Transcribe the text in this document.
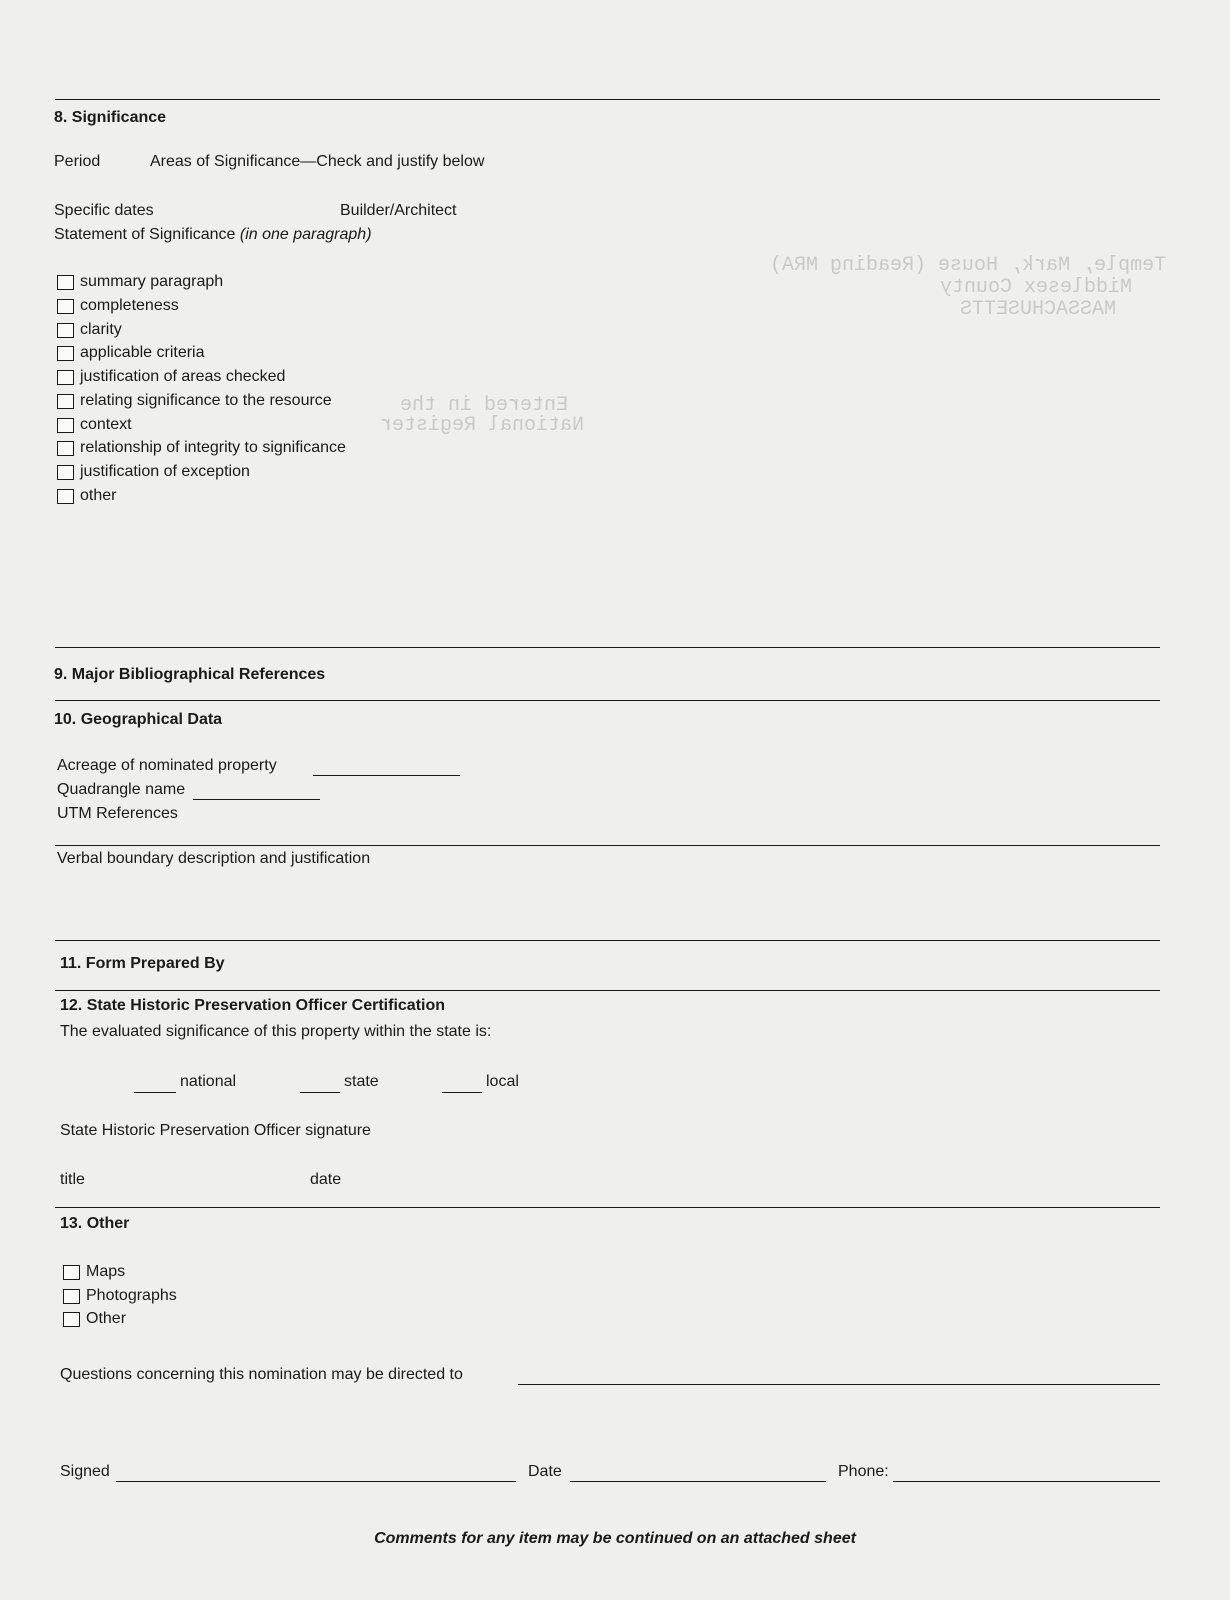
Temple, Mark, House (Reading MRA)
Middlesex County
MASSACHUSETTS
Entered in the
National Register
8. Significance
Period	Areas of Significance—Check and justify below
Specific dates	Builder/Architect
Statement of Significance (in one paragraph)
summary paragraph
completeness
clarity
applicable criteria
justification of areas checked
relating significance to the resource
context
relationship of integrity to significance
justification of exception
other
9. Major Bibliographical References
10. Geographical Data
Acreage of nominated property
Quadrangle name
UTM References
Verbal boundary description and justification
11. Form Prepared By
12. State Historic Preservation Officer Certification
The evaluated significance of this property within the state is:
national	state	local
State Historic Preservation Officer signature
title	date
13. Other
Maps
Photographs
Other
Questions concerning this nomination may be directed to
Signed	Date	Phone:
Comments for any item may be continued on an attached sheet
